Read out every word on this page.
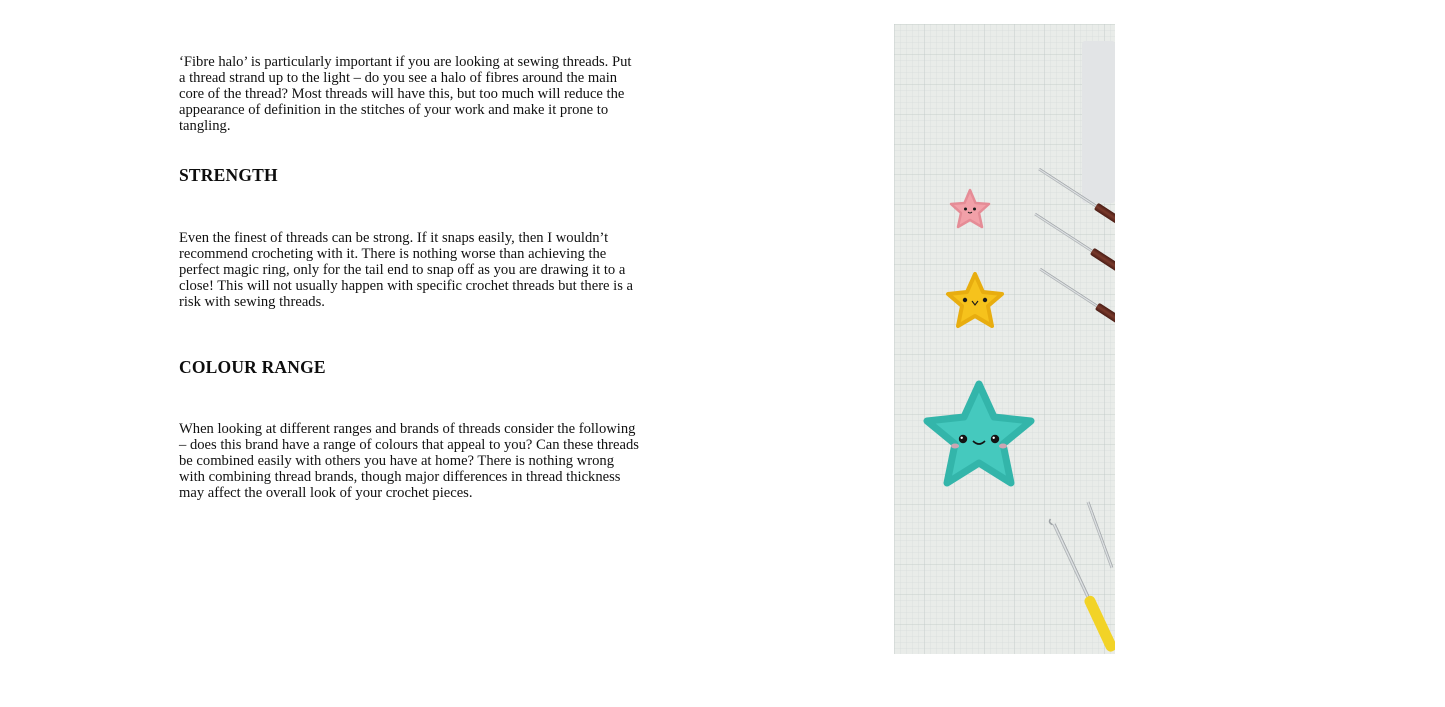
‘Fibre halo’ is particularly important if you are looking at sewing threads. Put a thread strand up to the light – do you see a halo of fibres around the main core of the thread? Most threads will have this, but too much will reduce the appearance of definition in the stitches of your work and make it prone to tangling.

STRENGTH

Even the finest of threads can be strong. If it snaps easily, then I wouldn’t recommend crocheting with it. There is nothing worse than achieving the perfect magic ring, only for the tail end to snap off as you are drawing it to a close! This will not usually happen with specific crochet threads but there is a risk with sewing threads.

COLOUR RANGE

When looking at different ranges and brands of threads consider the following – does this brand have a range of colours that appeal to you? Can these threads be combined easily with others you have at home? There is nothing wrong with combining thread brands, though major differences in thread thickness may affect the overall look of your crochet pieces.
